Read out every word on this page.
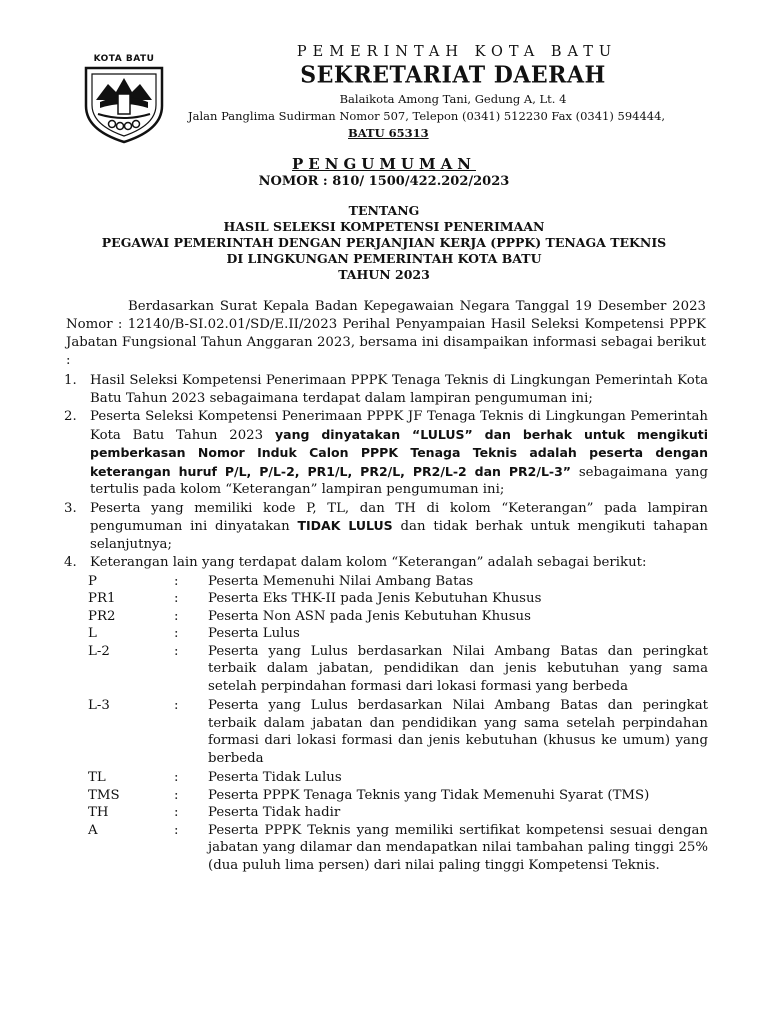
KOTA BATU	PEMERINTAH KOTA BATU
SEKRETARIAT DAERAH
Balaikota Among Tani, Gedung A, Lt. 4
Jalan Panglima Sudirman Nomor 507, Telepon (0341) 512230 Fax (0341) 594444,
BATU 65313
PENGUMUMAN
NOMOR : 810/ 1500/422.202/2023
TENTANG
HASIL SELEKSI KOMPETENSI PENERIMAAN
PEGAWAI PEMERINTAH DENGAN PERJANJIAN KERJA (PPPK) TENAGA TEKNIS
DI LINGKUNGAN PEMERINTAH KOTA BATU
TAHUN 2023
Berdasarkan Surat Kepala Badan Kepegawaian Negara Tanggal 19 Desember 2023 Nomor : 12140/B-SI.02.01/SD/E.II/2023 Perihal Penyampaian Hasil Seleksi Kompetensi PPPK Jabatan Fungsional Tahun Anggaran 2023, bersama ini disampaikan informasi sebagai berikut :
1.	Hasil Seleksi Kompetensi Penerimaan PPPK Tenaga Teknis di Lingkungan Pemerintah Kota Batu Tahun 2023 sebagaimana terdapat dalam lampiran pengumuman ini;
2.	Peserta Seleksi Kompetensi Penerimaan PPPK JF Tenaga Teknis di Lingkungan Pemerintah Kota Batu Tahun 2023 yang dinyatakan “LULUS” dan berhak untuk mengikuti pemberkasan Nomor Induk Calon PPPK Tenaga Teknis adalah peserta dengan keterangan huruf P/L, P/L-2, PR1/L, PR2/L, PR2/L-2 dan PR2/L-3” sebagaimana yang tertulis pada kolom “Keterangan” lampiran pengumuman ini;
3.	Peserta yang memiliki kode P, TL, dan TH di kolom “Keterangan” pada lampiran pengumuman ini dinyatakan TIDAK LULUS dan tidak berhak untuk mengikuti tahapan selanjutnya;
4.	Keterangan lain yang terdapat dalam kolom “Keterangan” adalah sebagai berikut:
P	:	Peserta Memenuhi Nilai Ambang Batas
PR1	:	Peserta Eks THK-II pada Jenis Kebutuhan Khusus
PR2	:	Peserta Non ASN pada Jenis Kebutuhan Khusus
L	:	Peserta Lulus
L-2	:	Peserta yang Lulus berdasarkan Nilai Ambang Batas dan peringkat terbaik dalam jabatan, pendidikan dan jenis kebutuhan yang sama setelah perpindahan formasi dari lokasi formasi yang berbeda
L-3	:	Peserta yang Lulus berdasarkan Nilai Ambang Batas dan peringkat terbaik dalam jabatan dan pendidikan yang sama setelah perpindahan formasi dari lokasi formasi dan jenis kebutuhan (khusus ke umum) yang berbeda
TL	:	Peserta Tidak Lulus
TMS	:	Peserta PPPK Tenaga Teknis yang Tidak Memenuhi Syarat (TMS)
TH	:	Peserta Tidak hadir
A	:	Peserta PPPK Teknis yang memiliki sertifikat kompetensi sesuai dengan jabatan yang dilamar dan mendapatkan nilai tambahan paling tinggi 25% (dua puluh lima persen) dari nilai paling tinggi Kompetensi Teknis.
